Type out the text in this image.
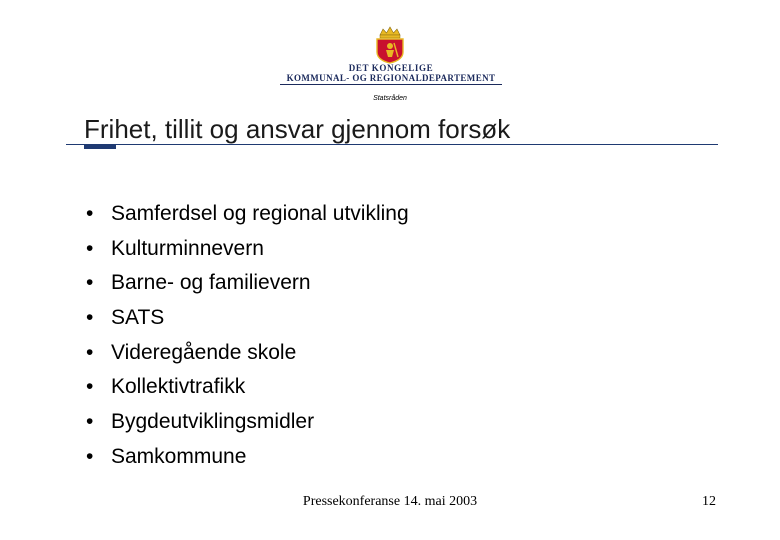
DET KONGELIGE
KOMMUNAL- OG REGIONALDEPARTEMENT
Statsråden
Frihet, tillit og ansvar gjennom forsøk
• Samferdsel og regional utvikling
• Kulturminnevern
• Barne- og familievern
• SATS
• Videregående skole
• Kollektivtrafikk
• Bygdeutviklingsmidler
• Samkommune
Pressekonferanse 14. mai 2003	12
